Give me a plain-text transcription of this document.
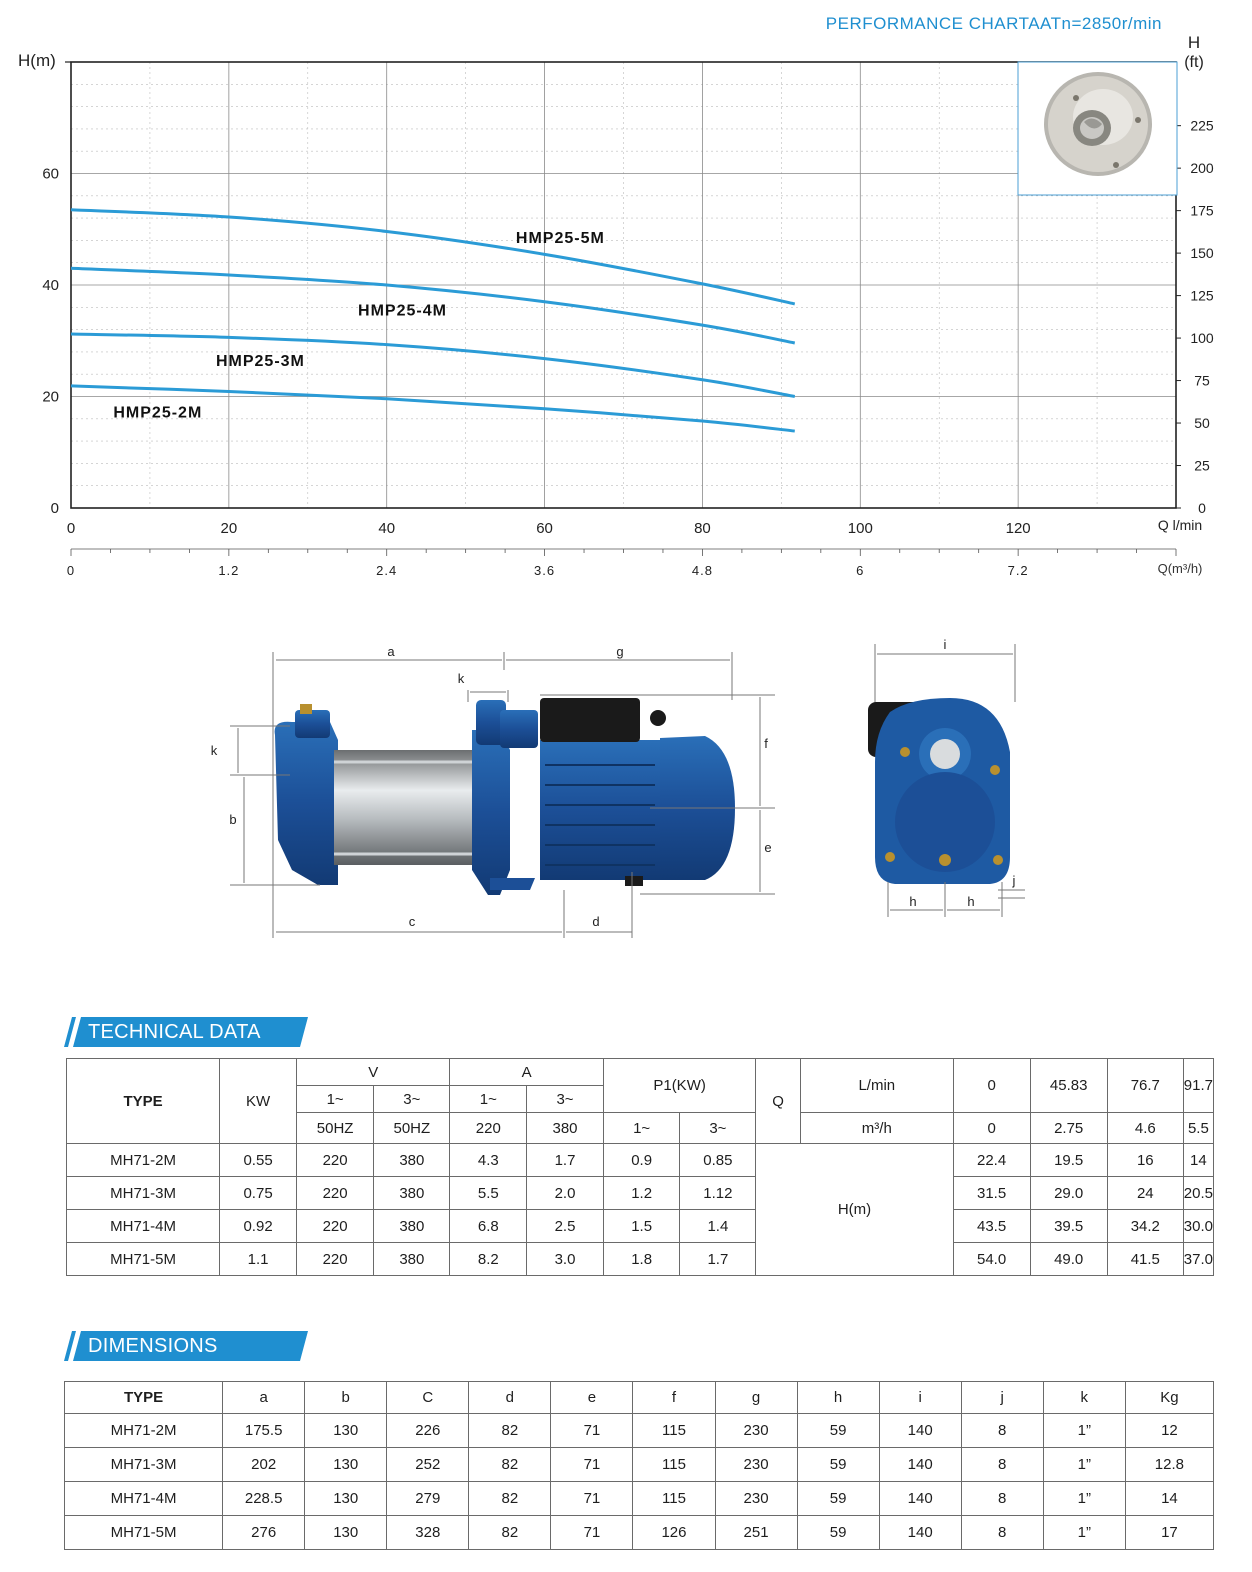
PERFORMANCE CHARTAATn=2850r/min
0
25
50
75
100
125
150
175
200
225
0	20	40	60	80	100	120
0	1.2	2.4	3.6	4.8	6	7.2
0
20
40
60
H(m)
H
(ft)
Q l/min
Q(m³/h)
HMP25-5M
HMP25-4M
HMP25-3M
HMP25-2M
a	g
k
k	f
b
e
c	d
i
h	h
j
TECHNICAL DATA
TYPE	KW	V		A		P1(KW)		Q	L/min	0	45.83	76.7	91.7
		1~	3~	1~	3~								
		50HZ	50HZ	220	380	1~	3~		m³/h	0	2.75	4.6	5.5
MH71-2M	0.55	220	380	4.3	1.7	0.9	0.85	H(m)		22.4	19.5	16	14
MH71-3M	0.75	220	380	5.5	2.0	1.2	1.12			31.5	29.0	24	20.5
MH71-4M	0.92	220	380	6.8	2.5	1.5	1.4			43.5	39.5	34.2	30.0
MH71-5M	1.1	220	380	8.2	3.0	1.8	1.7			54.0	49.0	41.5	37.0
DIMENSIONS
TYPE	a	b	C	d	e	f	g	h	i	j	k	Kg
MH71-2M	175.5	130	226	82	71	115	230	59	140	8	1”	12
MH71-3M	202	130	252	82	71	115	230	59	140	8	1”	12.8
MH71-4M	228.5	130	279	82	71	115	230	59	140	8	1”	14
MH71-5M	276	130	328	82	71	126	251	59	140	8	1”	17
